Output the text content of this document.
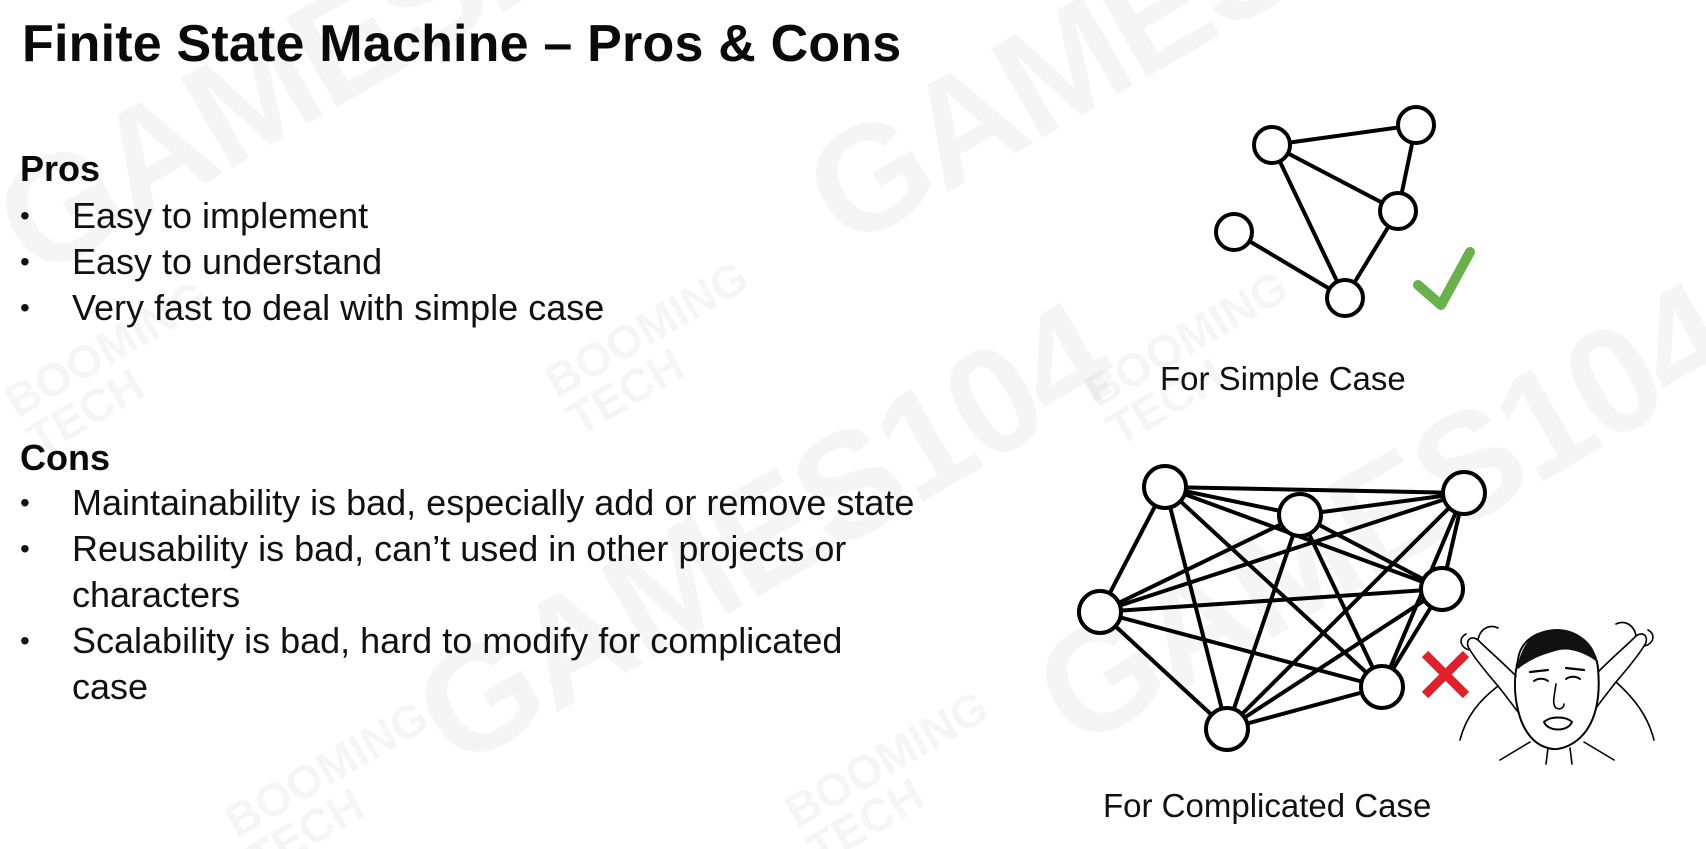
Finite State Machine – Pros & Cons
Pros
• Easy to implement
• Easy to understand
• Very fast to deal with simple case
Cons
• Maintainability is bad, especially add or remove state
• Reusability is bad, can’t used in other projects or characters
• Scalability is bad, hard to modify for complicated case
For Simple Case
For Complicated Case
